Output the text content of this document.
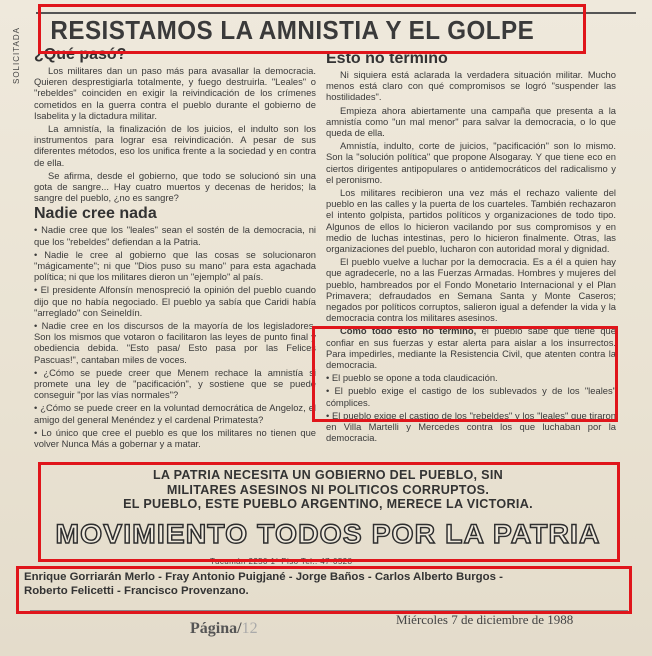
SOLICITADA RESISTAMOS LA AMNISTIA Y EL GOLPE
¿Qué pasó?

Los militares dan un paso más para avasallar la democracia. Quieren desprestigiarla totalmente, y fuego destruirla. "Leales" o "rebeldes" coinciden en exigir la reivindicación de los crímenes cometidos en la guerra contra el pueblo durante el gobierno de Isabelita y la dictadura militar.

La amnistía, la finalización de los juicios, el indulto son los instrumentos para lograr esa reivindicación. A pesar de sus diferentes métodos, eso los unifica frente a la sociedad y en contra de ella.

Se afirma, desde el gobierno, que todo se solucionó sin una gota de sangre... Hay cuatro muertos y decenas de heridos; la sangre del pueblo, ¿no es sangre?

Nadie cree nada

• Nadie cree que los "leales" sean el sostén de la democracia, ni que los "rebeldes" defiendan a la Patria.

• Nadie le cree al gobierno que las cosas se solucionaron "mágicamente"; ni que "Dios puso su mano" para esta agachada política; ni que los militares dieron un "ejemplo" al país.

• El presidente Alfonsín menospreció la opinión del pueblo cuando dijo que no había negociado. El pueblo ya sabía que Caridi había "arreglado" con Seineldín.

• Nadie cree en los discursos de la mayoría de los legisladores. Son los mismos que votaron o facilitaron las leyes de punto final y obediencia debida. "Esto pasa/ Esto pasa por las Felices Pascuas!", cantaban miles de voces.

• ¿Cómo se puede creer que Menem rechace la amnistía si promete una ley de "pacificación", y sostiene que se puede conseguir "por las vías normales"?

• ¿Cómo se puede creer en la voluntad democrática de Angeloz, el amigo del general Menéndez y el cardenal Primatesta?

• Lo único que cree el pueblo es que los militares no tienen que volver Nunca Más a gobernar y a matar.

Esto no terminó

Ni siquiera está aclarada la verdadera situación militar. Mucho menos está claro con qué compromisos se logró "suspender las hostilidades".

Empieza ahora abiertamente una campaña que presenta a la amnistía como "un mal menor" para salvar la democracia, o lo que queda de ella.

Amnistía, indulto, corte de juicios, "pacificación" son lo mismo. Son la "solución política" que propone Alsogaray. Y que tiene eco en ciertos dirigentes antipopulares o antidemocráticos del radicalismo y el peronismo.

Los militares recibieron una vez más el rechazo valiente del pueblo en las calles y la puerta de los cuarteles. También rechazaron el intento golpista, partidos políticos y organizaciones de todo tipo. Algunos de ellos lo hicieron vacilando por sus compromisos y en medio de luchas intestinas, pero lo hicieron finalmente. Otras, las organizaciones del pueblo, lucharon con autoridad moral y dignidad.

El pueblo vuelve a luchar por la democracia. Es a él a quien hay que agradecerle, no a las Fuerzas Armadas. Hombres y mujeres del pueblo, hambreados por el Fondo Monetario Internacional y el Plan Primavera; defraudados en Semana Santa y Monte Caseros; negados por políticos corruptos, salieron igual a defender la vida y la democracia contra los militares asesinos.

Como todo esto no terminó, el pueblo sabe que tiene que confiar en sus fuerzas y estar alerta para aislar a los insurrectos. Para impedirles, mediante la Resistencia Civil, que atenten contra la democracia.

• El pueblo se opone a toda claudicación.

• El pueblo exige el castigo de los sublevados y de los "leales" cómplices.

• El pueblo exige el castigo de los "rebeldes" y los "leales" que tiraron en Villa Martelli y Mercedes contra los que luchaban por la democracia.

LA PATRIA NECESITA UN GOBIERNO DEL PUEBLO, SIN
MILITARES ASESINOS NI POLITICOS CORRUPTOS.
EL PUEBLO, ESTE PUEBLO ARGENTINO, MERECE LA VICTORIA.
MOVIMIENTO TODOS POR LA PATRIA
Tucumán 2250 1º Piso Tel.: 47-0528
Enrique Gorriarán Merlo - Fray Antonio Puigjané - Jorge Baños - Carlos Alberto Burgos -
Roberto Felicetti - Francisco Provenzano.
Página/12
Miércoles 7 de diciembre de 1988
